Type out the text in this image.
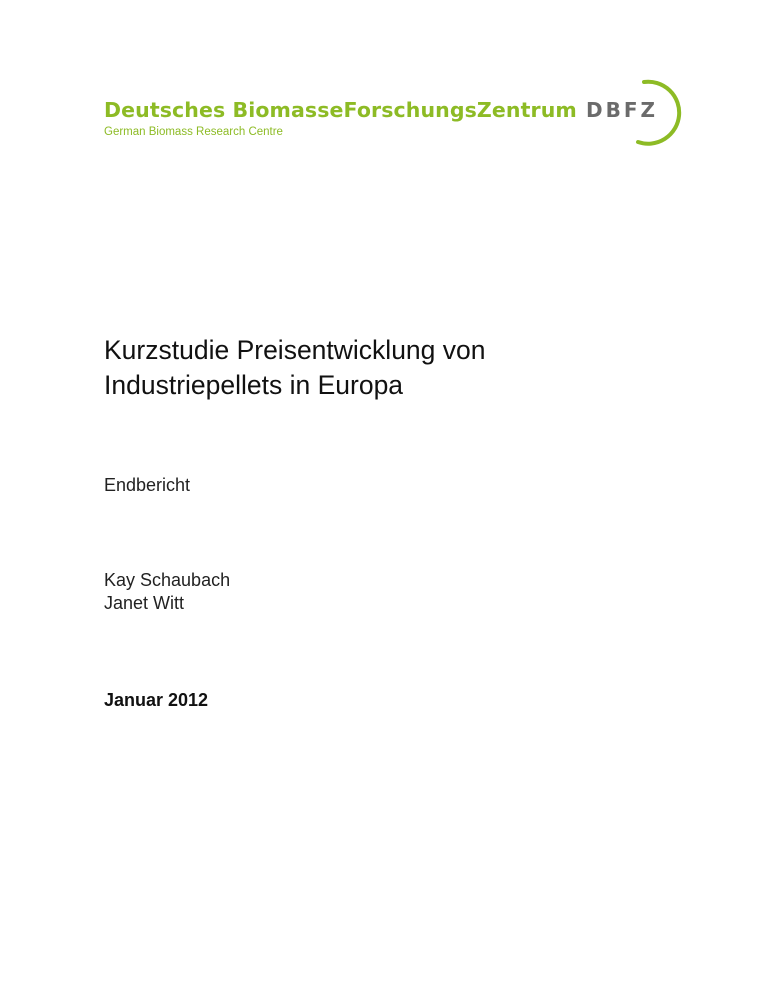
Deutsches BiomasseForschungsZentrum
German Biomass Research Centre
DBFZ
Kurzstudie Preisentwicklung von
Industriepellets in Europa
Endbericht
Kay Schaubach
Janet Witt
Januar 2012
